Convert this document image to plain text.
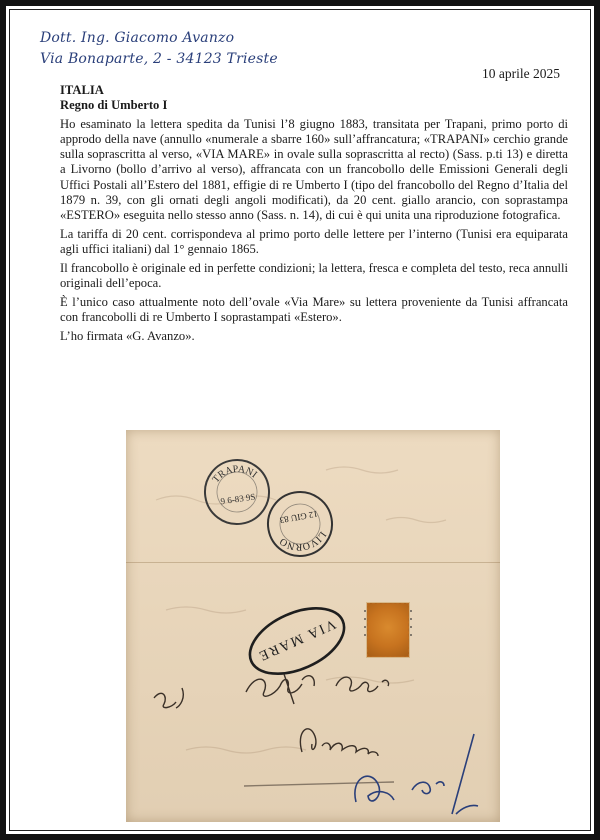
Dott. Ing. Giacomo Avanzo
Via Bonaparte, 2 - 34123 Trieste
10 aprile 2025

ITALIA

Regno di Umberto I

Ho esaminato la lettera spedita da Tunisi l’8 giugno 1883, transitata per Trapani, primo porto di approdo della nave (annullo «numerale a sbarre 160» sull’affrancatura; «TRAPANI» cerchio grande sulla soprascritta al verso, «VIA MARE» in ovale sulla soprascritta al recto) (Sass. p.ti 13) e diretta a Livorno (bollo d’arrivo al verso), affrancata con un francobollo delle Emissioni Generali degli Uffici Postali all’Estero del 1881, effigie di re Umberto I (tipo del francobollo del Regno d’Italia del 1879 n. 39, con gli ornati degli angoli modificati), da 20 cent. giallo arancio, con soprastampa «ESTERO» eseguita nello stesso anno (Sass. n. 14), di cui è qui unita una riproduzione fotografica.

La tariffa di 20 cent. corrispondeva al primo porto delle lettere per l’interno (Tunisi era equiparata agli uffici italiani) dal 1° gennaio 1865.

Il francobollo è originale ed in perfette condizioni; la lettera, fresca e completa del testo, reca annulli originali dell’epoca.

È l’unico caso attualmente noto dell’ovale «Via Mare» su lettera proveniente da Tunisi affrancata con francobolli di re Umberto I soprastampati «Estero».

L’ho firmata «G. Avanzo».

TRAPANI
9 6-83 9S
LIVORNO
12 GIU 83
VIA MARE
